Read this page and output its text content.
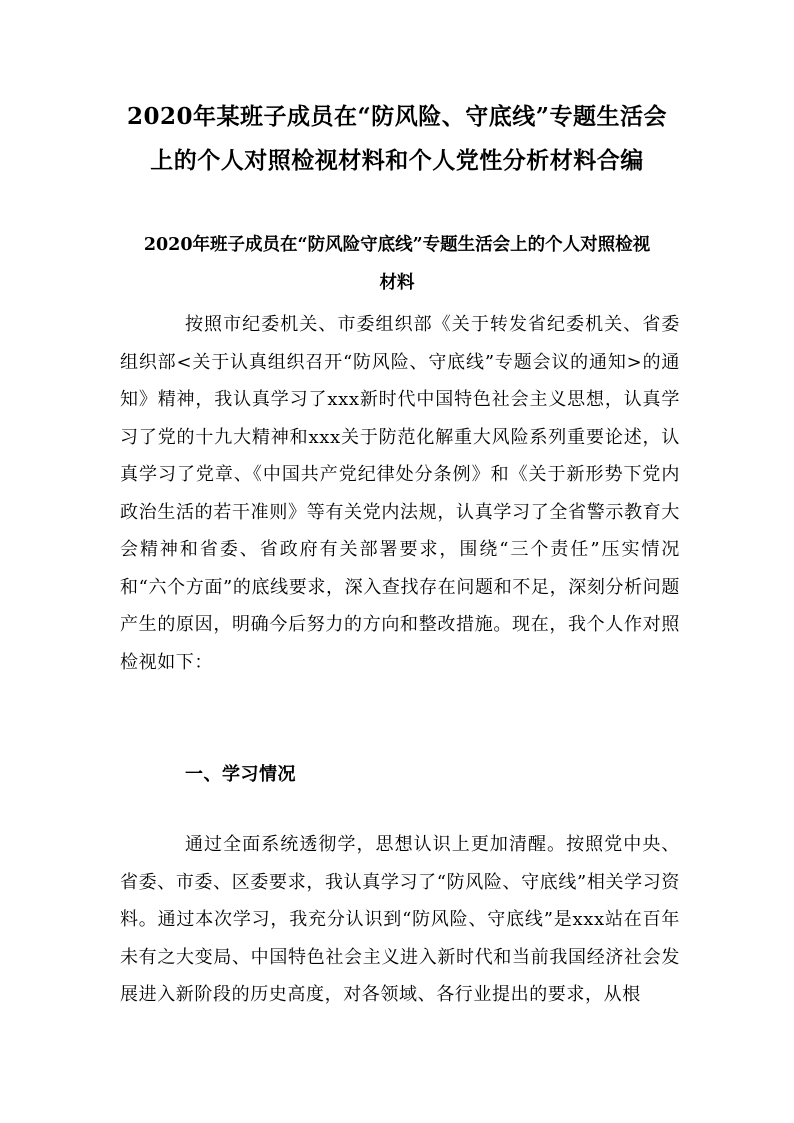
2020年某班子成员在“防风险、守底线”专题生活会
上的个人对照检视材料和个人党性分析材料合编
2020年班子成员在“防风险守底线”专题生活会上的个人对照检视
材料

按照市纪委机关、市委组织部《关于转发省纪委机关、省委组织部<关于认真组织召开“防风险、守底线”专题会议的通知>的通知》精神，我认真学习了xxx新时代中国特色社会主义思想，认真学习了党的十九大精神和xxx关于防范化解重大风险系列重要论述，认真学习了党章、《中国共产党纪律处分条例》和《关于新形势下党内政治生活的若干准则》等有关党内法规，认真学习了全省警示教育大会精神和省委、省政府有关部署要求，围绕“三个责任”压实情况和“六个方面”的底线要求，深入查找存在问题和不足，深刻分析问题产生的原因，明确今后努力的方向和整改措施。现在，我个人作对照检视如下：

一、学习情况

通过全面系统透彻学，思想认识上更加清醒。按照党中央、省委、市委、区委要求，我认真学习了“防风险、守底线”相关学习资料。通过本次学习，我充分认识到“防风险、守底线”是xxx站在百年未有之大变局、中国特色社会主义进入新时代和当前我国经济社会发展进入新阶段的历史高度，对各领域、各行业提出的要求，从根
